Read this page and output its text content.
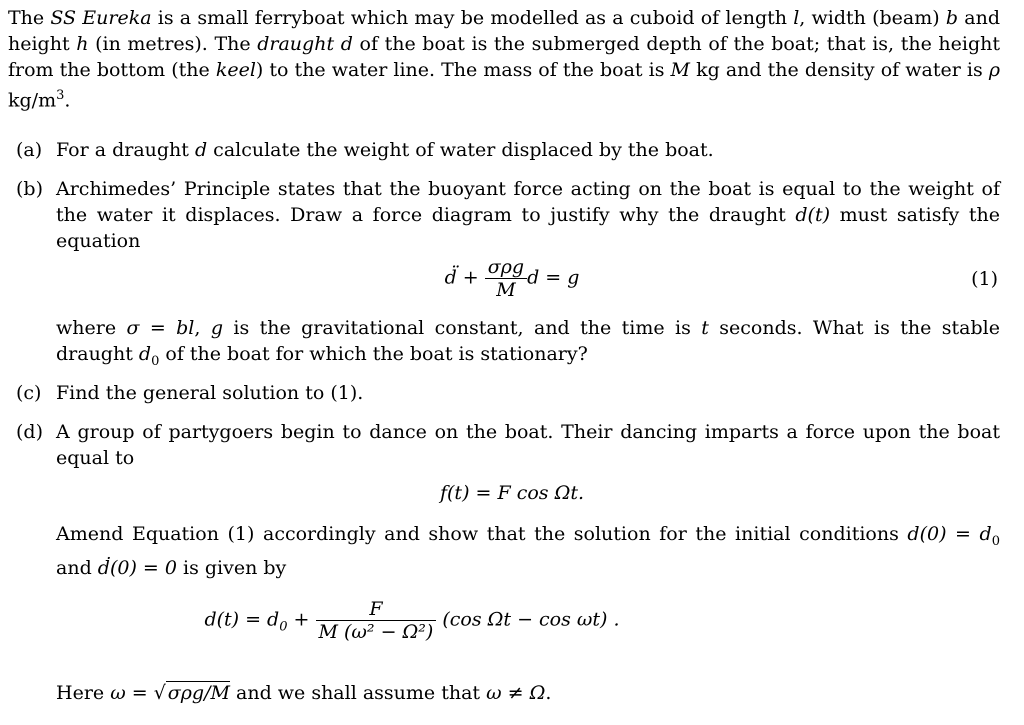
The SS Eureka is a small ferryboat which may be modelled as a cuboid of length l, width (beam) b and height h (in metres). The draught d of the boat is the submerged depth of the boat; that is, the height from the bottom (the keel) to the water line. The mass of the boat is M kg and the density of water is ρ $kg/m^3$.
(a) For a draught d calculate the weight of water displaced by the boat.
(b) Archimedes’ Principle states that the buoyant force acting on the boat is equal to the weight of the water it displaces. Draw a force diagram to justify why the draught d(t) must satisfy the equation
d̈ + $\frac{\text{σρg}}{M}$ d = g	(1)
where σ = bl, g is the gravitational constant, and the time is t seconds. What is the stable draught $d_0$ of the boat for which the boat is stationary?
(c) Find the general solution to (1).
(d) A group of partygoers begin to dance on the boat. Their dancing imparts a force upon the boat equal to
f(t) = F cos Ωt.
Amend Equation (1) accordingly and show that the solution for the initial conditions $d(0) = d_0$ and ḋ(0) = 0 is given by
$d(t) = d_0 + \frac{F}{\text{M (ω² − Ω²)}} (\cos$ Ωt − cos ωt) .
Here ω = √ σρg/M and we shall assume that ω ≠ Ω.
